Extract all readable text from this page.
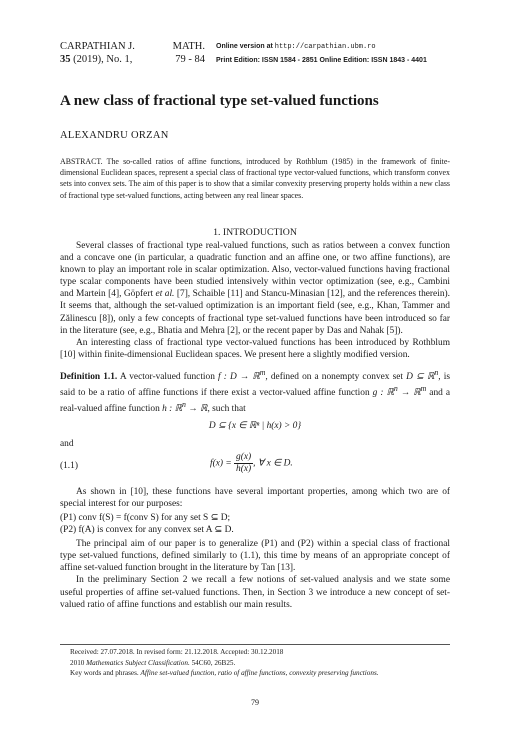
CARPATHIAN J.
35 (2019), No. 1,
MATH.
79 - 84
Online version at http://carpathian.ubm.ro
Print Edition: ISSN 1584 - 2851 Online Edition: ISSN 1843 - 4401
A new class of fractional type set-valued functions
ALEXANDRU ORZAN
ABSTRACT. The so-called ratios of affine functions, introduced by Rothblum (1985) in the framework of finite-dimensional Euclidean spaces, represent a special class of fractional type vector-valued functions, which transform convex sets into convex sets. The aim of this paper is to show that a similar convexity preserving property holds within a new class of fractional type set-valued functions, acting between any real linear spaces.
1. INTRODUCTION

Several classes of fractional type real-valued functions, such as ratios between a convex function and a concave one (in particular, a quadratic function and an affine one, or two affine functions), are known to play an important role in scalar optimization. Also, vector-valued functions having fractional type scalar components have been studied intensively within vector optimization (see, e.g., Cambini and Martein [4], Göpfert et al. [7], Schaible [11] and Stancu-Minasian [12], and the references therein). It seems that, although the set-valued optimization is an important field (see, e.g., Khan, Tammer and Zălinescu [8]), only a few concepts of fractional type set-valued functions have been introduced so far in the literature (see, e.g., Bhatia and Mehra [2], or the recent paper by Das and Nahak [5]).

An interesting class of fractional type vector-valued functions has been introduced by Rothblum [10] within finite-dimensional Euclidean spaces. We present here a slightly modified version.

Definition 1.1. A vector-valued function f : D → ℝ$^m$, defined on a nonempty convex set D ⊆ ℝ$^n$, is said to be a ratio of affine functions if there exist a vector-valued affine function g : ℝ$^n$ → ℝ$^m$ and a real-valued affine function h : ℝ$^n$ → ℝ, such that

D ⊆ {x ∈ ℝⁿ | h(x) > 0}
and
(1.1)	$f(x) = \frac{g(x)}{h(x)}$ , ∀ x ∈ D.

As shown in [10], these functions have several important properties, among which two are of special interest for our purposes:

(P1) conv f(S) = f(conv S) for any set S ⊆ D;
(P2) f(A) is convex for any convex set A ⊆ D.

The principal aim of our paper is to generalize (P1) and (P2) within a special class of fractional type set-valued functions, defined similarly to (1.1), this time by means of an appropriate concept of affine set-valued function brought in the literature by Tan [13].

In the preliminary Section 2 we recall a few notions of set-valued analysis and we state some useful properties of affine set-valued functions. Then, in Section 3 we introduce a new concept of set-valued ratio of affine functions and establish our main results.

Received: 27.07.2018. In revised form: 21.12.2018. Accepted: 30.12.2018
2010 Mathematics Subject Classification. 54C60, 26B25.
Key words and phrases. Affine set-valued function, ratio of affine functions, convexity preserving functions.
79
